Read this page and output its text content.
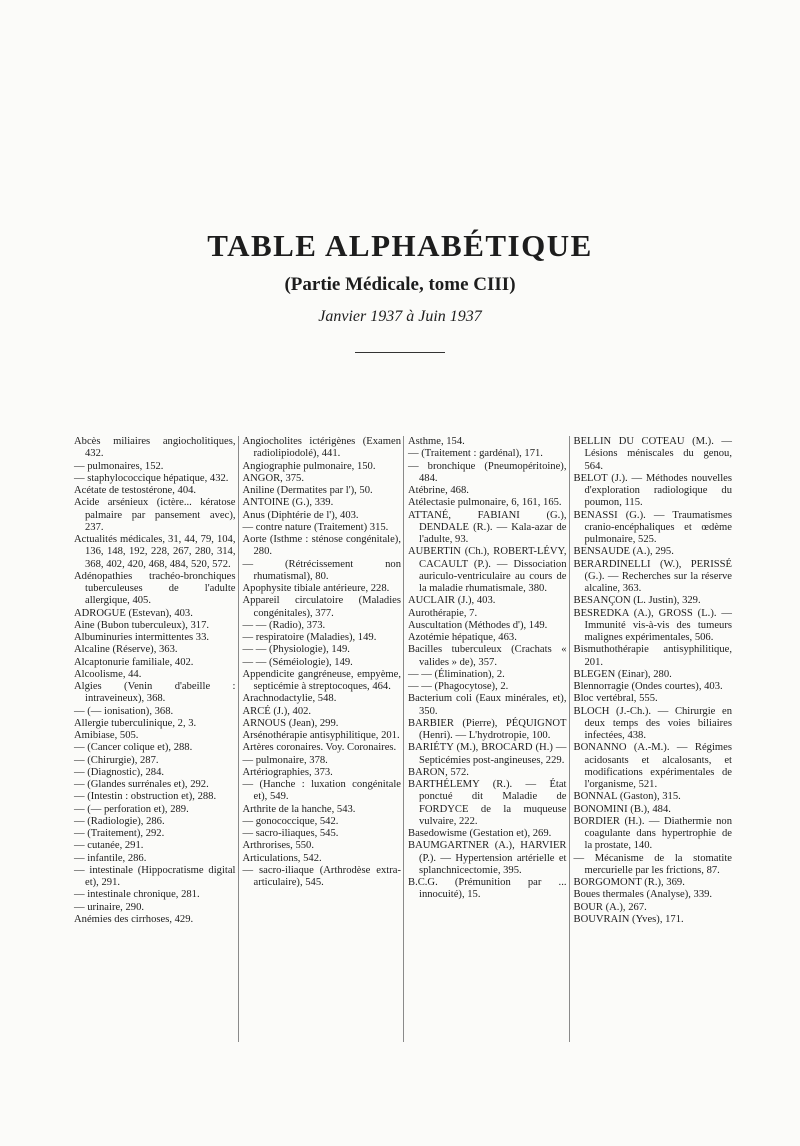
TABLE ALPHABÉTIQUE
(Partie Médicale, tome CIII)

Janvier 1937 à Juin 1937

Abcès miliaires angiocholitiques, 432.

— pulmonaires, 152.

— staphylococcique hépatique, 432.

Acétate de testostérone, 404.

Acide arsénieux (ictère... kératose palmaire par pansement avec), 237.

Actualités médicales, 31, 44, 79, 104, 136, 148, 192, 228, 267, 280, 314, 368, 402, 420, 468, 484, 520, 572.

Adénopathies trachéo-bronchiques tuberculeuses de l'adulte allergique, 405.

ADROGUE (Estevan), 403.

Aine (Bubon tuberculeux), 317.

Albuminuries intermittentes 33.

Alcaline (Réserve), 363.

Alcaptonurie familiale, 402.

Alcoolisme, 44.

Algies (Venin d'abeille : intraveineux), 368.

— (— ionisation), 368.

Allergie tuberculinique, 2, 3.

Amibiase, 505.

— (Cancer colique et), 288.

— (Chirurgie), 287.

— (Diagnostic), 284.

— (Glandes surrénales et), 292.

— (Intestin : obstruction et), 288.

— (— perforation et), 289.

— (Radiologie), 286.

— (Traitement), 292.

— cutanée, 291.

— infantile, 286.

— intestinale (Hippocratisme digital et), 291.

— intestinale chronique, 281.

— urinaire, 290.

Anémies des cirrhoses, 429.

Angiocholites ictérigènes (Examen radiolipiodolé), 441.

Angiographie pulmonaire, 150.

ANGOR, 375.

Aniline (Dermatites par l'), 50.

ANTOINE (G.), 339.

Anus (Diphtérie de l'), 403.

— contre nature (Traitement) 315.

Aorte (Isthme : sténose congénitale), 280.

— (Rétrécissement non rhumatismal), 80.

Apophysite tibiale antérieure, 228.

Appareil circulatoire (Maladies congénitales), 377.

— — (Radio), 373.

— respiratoire (Maladies), 149.

— — (Physiologie), 149.

— — (Séméiologie), 149.

Appendicite gangréneuse, empyème, septicémie à streptocoques, 464.

Arachnodactylie, 548.

ARCÉ (J.), 402.

ARNOUS (Jean), 299.

Arsénothérapie antisyphilitique, 201.

Artères coronaires. Voy. Coronaires.

— pulmonaire, 378.

Artériographies, 373.

— (Hanche : luxation congénitale et), 549.

Arthrite de la hanche, 543.

— gonococcique, 542.

— sacro-iliaques, 545.

Arthrorises, 550.

Articulations, 542.

— sacro-iliaque (Arthrodèse extra-articulaire), 545.

Asthme, 154.

— (Traitement : gardénal), 171.

— bronchique (Pneumopéritoine), 484.

Atébrine, 468.

Atélectasie pulmonaire, 6, 161, 165.

ATTANÉ, FABIANI (G.), DENDALE (R.). — Kala-azar de l'adulte, 93.

AUBERTIN (Ch.), ROBERT-LÉVY, CACAULT (P.). — Dissociation auriculo-ventriculaire au cours de la maladie rhumatismale, 380.

AUCLAIR (J.), 403.

Aurothérapie, 7.

Auscultation (Méthodes d'), 149.

Azotémie hépatique, 463.

Bacilles tuberculeux (Crachats « valides » de), 357.

— — (Élimination), 2.

— — (Phagocytose), 2.

Bacterium coli (Eaux minérales, et), 350.

BARBIER (Pierre), PÉQUIGNOT (Henri). — L'hydrotropie, 100.

BARIÉTY (M.), BROCARD (H.) — Septicémies post-anginеuses, 229.

BARON, 572.

BARTHÉLEMY (R.). — État ponctué dit Maladie de FORDYCE de la muqueuse vulvaire, 222.

Basedowisme (Gestation et), 269.

BAUMGARTNER (A.), HARVIER (P.). — Hypertension artérielle et splanchnicectomie, 395.

B.C.G. (Prémunition par ... innocuité), 15.

BELLIN DU COTEAU (M.). — Lésions méniscales du genou, 564.

BELOT (J.). — Méthodes nouvelles d'exploration radiologique du poumon, 115.

BENASSI (G.). — Traumatismes cranio-encéphaliques et œdème pulmonaire, 525.

BENSAUDE (A.), 295.

BERARDINELLI (W.), PERISSÉ (G.). — Recherches sur la réserve alcaline, 363.

BESANÇON (L. Justin), 329.

BESREDKA (A.), GROSS (L.). — Immunité vis-à-vis des tumeurs malignes expérimentales, 506.

Bismuthothérapie antisyphilitique, 201.

BLEGEN (Einar), 280.

Blennorragie (Ondes courtes), 403.

Bloc vertébral, 555.

BLOCH (J.-Ch.). — Chirurgie en deux temps des voies biliaires infectées, 438.

BONANNO (A.-M.). — Régimes acidosants et alcalosants, et modifications expérimentales de l'organisme, 521.

BONNAL (Gaston), 315.

BONOMINI (B.), 484.

BORDIER (H.). — Diathermie non coagulante dans hypertrophie de la prostate, 140.

— Mécanisme de la stomatite mercurielle par les frictions, 87.

BORGOMONT (R.), 369.

Boues thermales (Analyse), 339.

BOUR (A.), 267.

BOUVRAIN (Yves), 171.
